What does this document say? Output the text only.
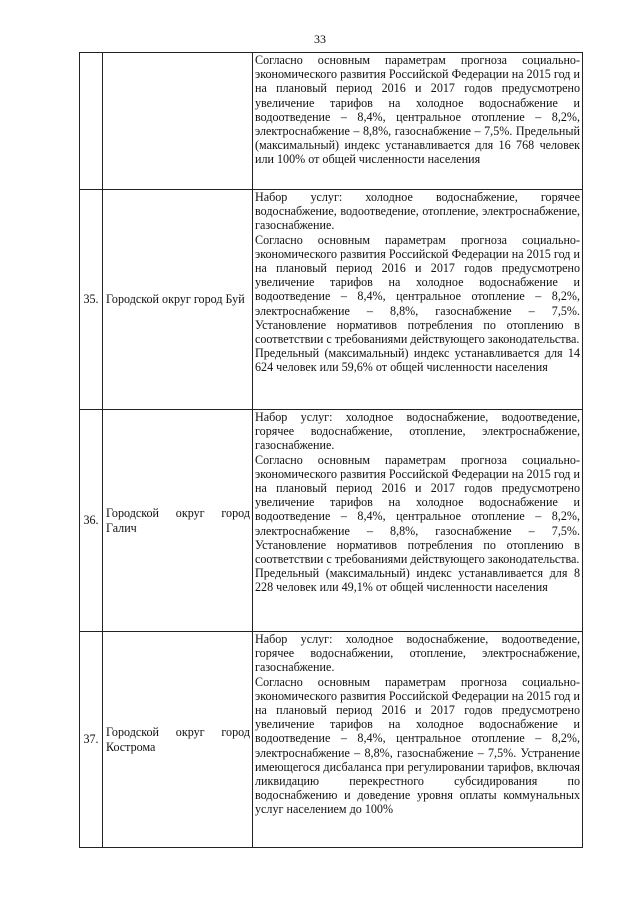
33

		Согласно основным параметрам прогноза социально-экономического развития Российской Федерации на 2015 год и на плановый период 2016 и 2017 годов предусмотрено увеличение тарифов на холодное водоснабжение и водоотведение – 8,4%, центральное отопление – 8,2%, электроснабжение – 8,8%, газоснабжение – 7,5%. Предельный (максимальный) индекс устанавливается для 16 768 человек или 100% от общей численности населения

35.	Городской округ город Буй	Набор услуг: холодное водоснабжение, горячее водоснабжение, водоотведение, отопление, электроснабжение, газоснабжение.

Согласно основным параметрам прогноза социально-экономического развития Российской Федерации на 2015 год и на плановый период 2016 и 2017 годов предусмотрено увеличение тарифов на холодное водоснабжение и водоотведение – 8,4%, центральное отопление – 8,2%, электроснабжение – 8,8%, газоснабжение – 7,5%. Установление нормативов потребления по отоплению в соответствии с требованиями действующего законодательства.

Предельный (максимальный) индекс устанавливается для 14 624 человек или 59,6% от общей численности населения

36.	Городской округ город Галич	Набор услуг: холодное водоснабжение, водоотведение, горячее водоснабжение, отопление, электроснабжение, газоснабжение.

Согласно основным параметрам прогноза социально-экономического развития Российской Федерации на 2015 год и на плановый период 2016 и 2017 годов предусмотрено увеличение тарифов на холодное водоснабжение и водоотведение – 8,4%, центральное отопление – 8,2%, электроснабжение – 8,8%, газоснабжение – 7,5%. Установление нормативов потребления по отоплению в соответствии с требованиями действующего законодательства.

Предельный (максимальный) индекс устанавливается для 8 228 человек или 49,1% от общей численности населения

37.	Городской округ город Кострома	Набор услуг: холодное водоснабжение, водоотведение, горячее водоснабжении, отопление, электроснабжение, газоснабжение.

Согласно основным параметрам прогноза социально-экономического развития Российской Федерации на 2015 год и на плановый период 2016 и 2017 годов предусмотрено увеличение тарифов на холодное водоснабжение и водоотведение – 8,4%, центральное отопление – 8,2%, электроснабжение – 8,8%, газоснабжение – 7,5%. Устранение имеющегося дисбаланса при регулировании тарифов, включая ликвидацию перекрестного субсидирования по водоснабжению и доведение уровня оплаты коммунальных услуг населением до 100%
